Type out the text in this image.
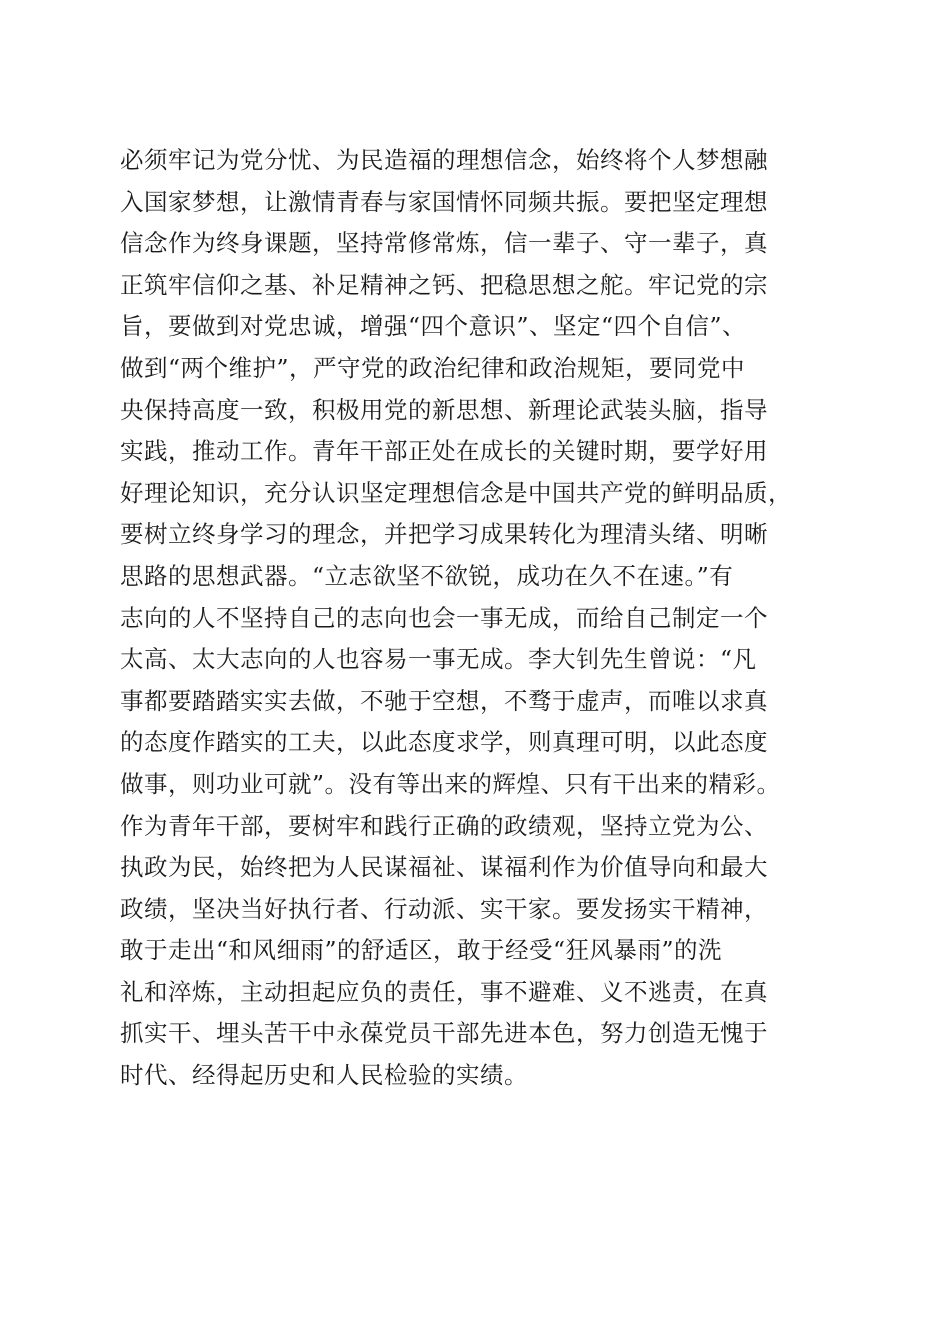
必须牢记为党分忧、为民造福的理想信念，始终将个人梦想融
入国家梦想，让激情青春与家国情怀同频共振。要把坚定理想
信念作为终身课题，坚持常修常炼，信一辈子、守一辈子，真
正筑牢信仰之基、补足精神之钙、把稳思想之舵。牢记党的宗
旨，要做到对党忠诚，增强“四个意识”、坚定“四个自信”、
做到“两个维护”，严守党的政治纪律和政治规矩，要同党中
央保持高度一致，积极用党的新思想、新理论武装头脑，指导
实践，推动工作。青年干部正处在成长的关键时期，要学好用
好理论知识，充分认识坚定理想信念是中国共产党的鲜明品质，
要树立终身学习的理念，并把学习成果转化为理清头绪、明晰
思路的思想武器。“立志欲坚不欲锐，成功在久不在速。”有
志向的人不坚持自己的志向也会一事无成，而给自己制定一个
太高、太大志向的人也容易一事无成。李大钊先生曾说：“凡
事都要踏踏实实去做，不驰于空想，不骛于虚声，而唯以求真
的态度作踏实的工夫，以此态度求学，则真理可明，以此态度
做事，则功业可就”。没有等出来的辉煌、只有干出来的精彩。
作为青年干部，要树牢和践行正确的政绩观，坚持立党为公、
执政为民，始终把为人民谋福祉、谋福利作为价值导向和最大
政绩，坚决当好执行者、行动派、实干家。要发扬实干精神，
敢于走出“和风细雨”的舒适区，敢于经受“狂风暴雨”的洗
礼和淬炼，主动担起应负的责任，事不避难、义不逃责，在真
抓实干、埋头苦干中永葆党员干部先进本色，努力创造无愧于
时代、经得起历史和人民检验的实绩。
